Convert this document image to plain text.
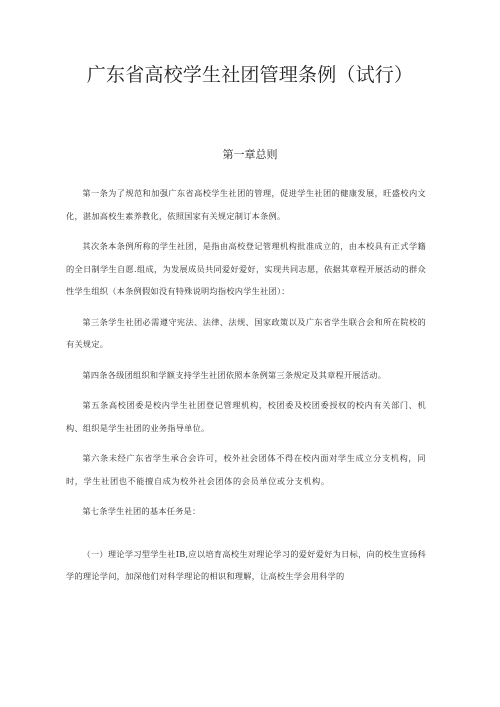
广东省高校学生社团管理条例（试行）
第一章总则

第一条为了规范和加强广东省高校学生社团的管理，促进学生社团的健康发展，旺盛校内文化，湛加高校生素养教化，依照国家有关规定制订本条例。

其次条本条例所称的学生社团，是指由高校登记管理机构批准成立的，由本校具有正式学籍的全日制学生自愿.组成，为发展成员共同爱好爱好，实现共同志愿，依据其章程开展活动的群众性学生组织（本条例假如没有特殊说明均指校内学生社团）：

第三条学生社团必需遵守宪法、法律、法规、国家政策以及广东省学生联合会和所在院校的有关规定。

第四条各级团组织和学额支持学生社团依照本条例第三条规定及其章程开展活动。

第五条高校团委是校内学生社团登记管理机构，校团委及校团委授权的校内有关部门、机构、组织是学生社团的业务指导单位。

第六条未经广东省学生承合会许可，校外社会团体不得在校内面对学生成立分支机构，同时，学生社团也不能擅自成为校外社会团体的会员单位或分支机构。

第七条学生社团的基本任务是：

（一）理论学习型学生社IB,应以培育高校生对理论学习的爱好爱好为日标，向的校生宣扬科学的理论学问，加深他们对科学理论的相识和理解，让高校生学会用科学的
